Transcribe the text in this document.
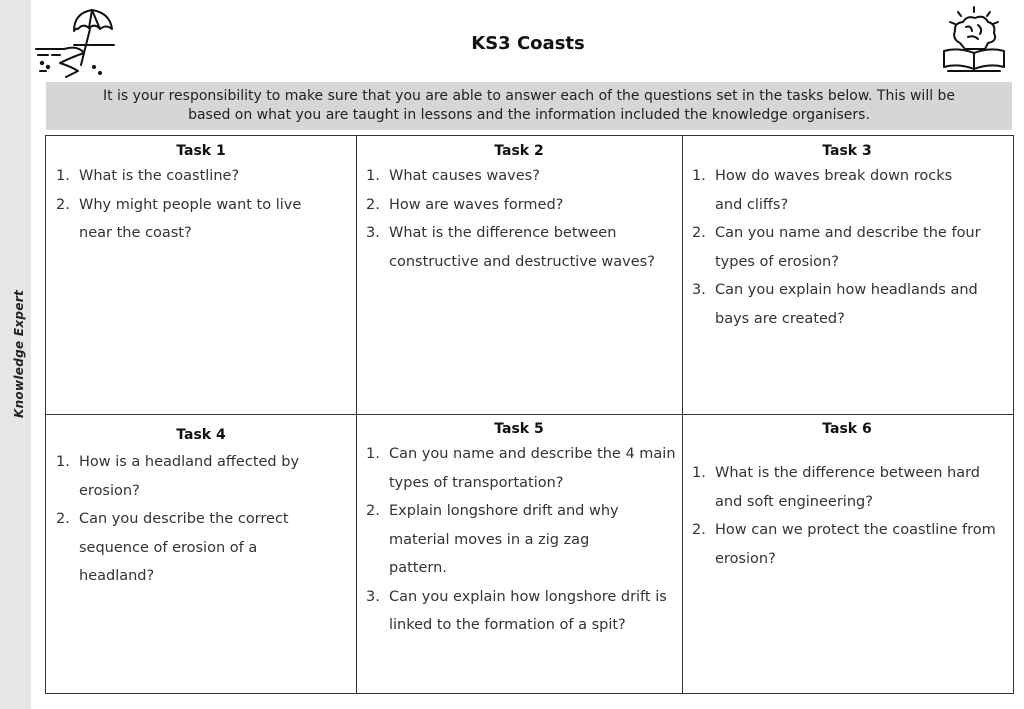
Knowledge Expert
KS3 Coasts
It is your responsibility to make sure that you are able to answer each of the questions set in the tasks below. This will be based on what you are taught in lessons and the information included the knowledge organisers.
Task 1
What is the coastline?
Why might people want to live near the coast?
Task 2
What causes waves?
How are waves formed?
What is the difference between constructive and destructive waves?
Task 3
How do waves break down rocks and cliffs?
Can you name and describe the four types of erosion?
Can you explain how headlands and bays are created?
Task 4
How is a headland affected by erosion?
Can you describe the correct sequence of erosion of a headland?
Task 5
Can you name and describe the 4 main types of transportation?
Explain longshore drift and why material moves in a zig zag pattern.
Can you explain how longshore drift is linked to the formation of a spit?
Task 6
What is the difference between hard and soft engineering?
How can we protect the coastline from erosion?
